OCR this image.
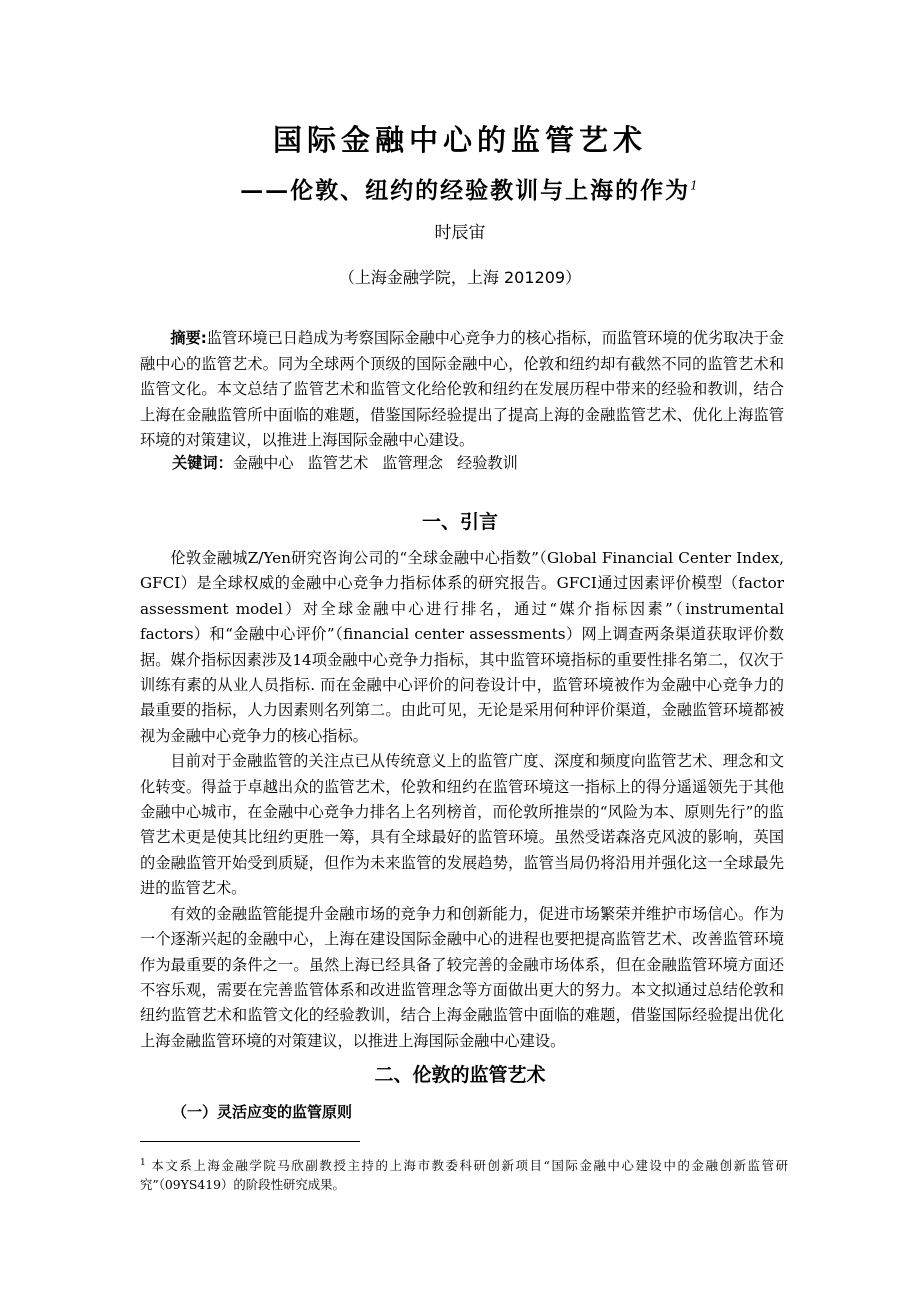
国际金融中心的监管艺术
——伦敦、纽约的经验教训与上海的作为$^1$
时辰宙
（上海金融学院，上海 201209）
摘要:监管环境已日趋成为考察国际金融中心竞争力的核心指标，而监管环境的优劣取决于金融中心的监管艺术。同为全球两个顶级的国际金融中心，伦敦和纽约却有截然不同的监管艺术和监管文化。本文总结了监管艺术和监管文化给伦敦和纽约在发展历程中带来的经验和教训，结合上海在金融监管所中面临的难题，借鉴国际经验提出了提高上海的金融监管艺术、优化上海监管环境的对策建议，以推进上海国际金融中心建设。
关键词：金融中心 监管艺术 监管理念 经验教训
一、引言

伦敦金融城Z/Yen研究咨询公司的“全球金融中心指数”（Global Financial Center Index, GFCI）是全球权威的金融中心竞争力指标体系的研究报告。GFCI通过因素评价模型（factor assessment model）对全球金融中心进行排名，通过“媒介指标因素”（instrumental factors）和“金融中心评价”（financial center assessments）网上调查两条渠道获取评价数据。媒介指标因素涉及14项金融中心竞争力指标，其中监管环境指标的重要性排名第二，仅次于训练有素的从业人员指标. 而在金融中心评价的问卷设计中，监管环境被作为金融中心竞争力的最重要的指标，人力因素则名列第二。由此可见，无论是采用何种评价渠道，金融监管环境都被视为金融中心竞争力的核心指标。

目前对于金融监管的关注点已从传统意义上的监管广度、深度和频度向监管艺术、理念和文化转变。得益于卓越出众的监管艺术，伦敦和纽约在监管环境这一指标上的得分遥遥领先于其他金融中心城市，在金融中心竞争力排名上名列榜首，而伦敦所推崇的“风险为本、原则先行”的监管艺术更是使其比纽约更胜一筹，具有全球最好的监管环境。虽然受诺森洛克风波的影响，英国的金融监管开始受到质疑，但作为未来监管的发展趋势，监管当局仍将沿用并强化这一全球最先进的监管艺术。

有效的金融监管能提升金融市场的竞争力和创新能力，促进市场繁荣并维护市场信心。作为一个逐渐兴起的金融中心，上海在建设国际金融中心的进程也要把提高监管艺术、改善监管环境作为最重要的条件之一。虽然上海已经具备了较完善的金融市场体系，但在金融监管环境方面还不容乐观，需要在完善监管体系和改进监管理念等方面做出更大的努力。本文拟通过总结伦敦和纽约监管艺术和监管文化的经验教训，结合上海金融监管中面临的难题，借鉴国际经验提出优化上海金融监管环境的对策建议，以推进上海国际金融中心建设。

二、伦敦的监管艺术
（一）灵活应变的监管原则
$^1$ 本文系上海金融学院马欣副教授主持的上海市教委科研创新项目“国际金融中心建设中的金融创新监管研究”（09YS419）的阶段性研究成果。
